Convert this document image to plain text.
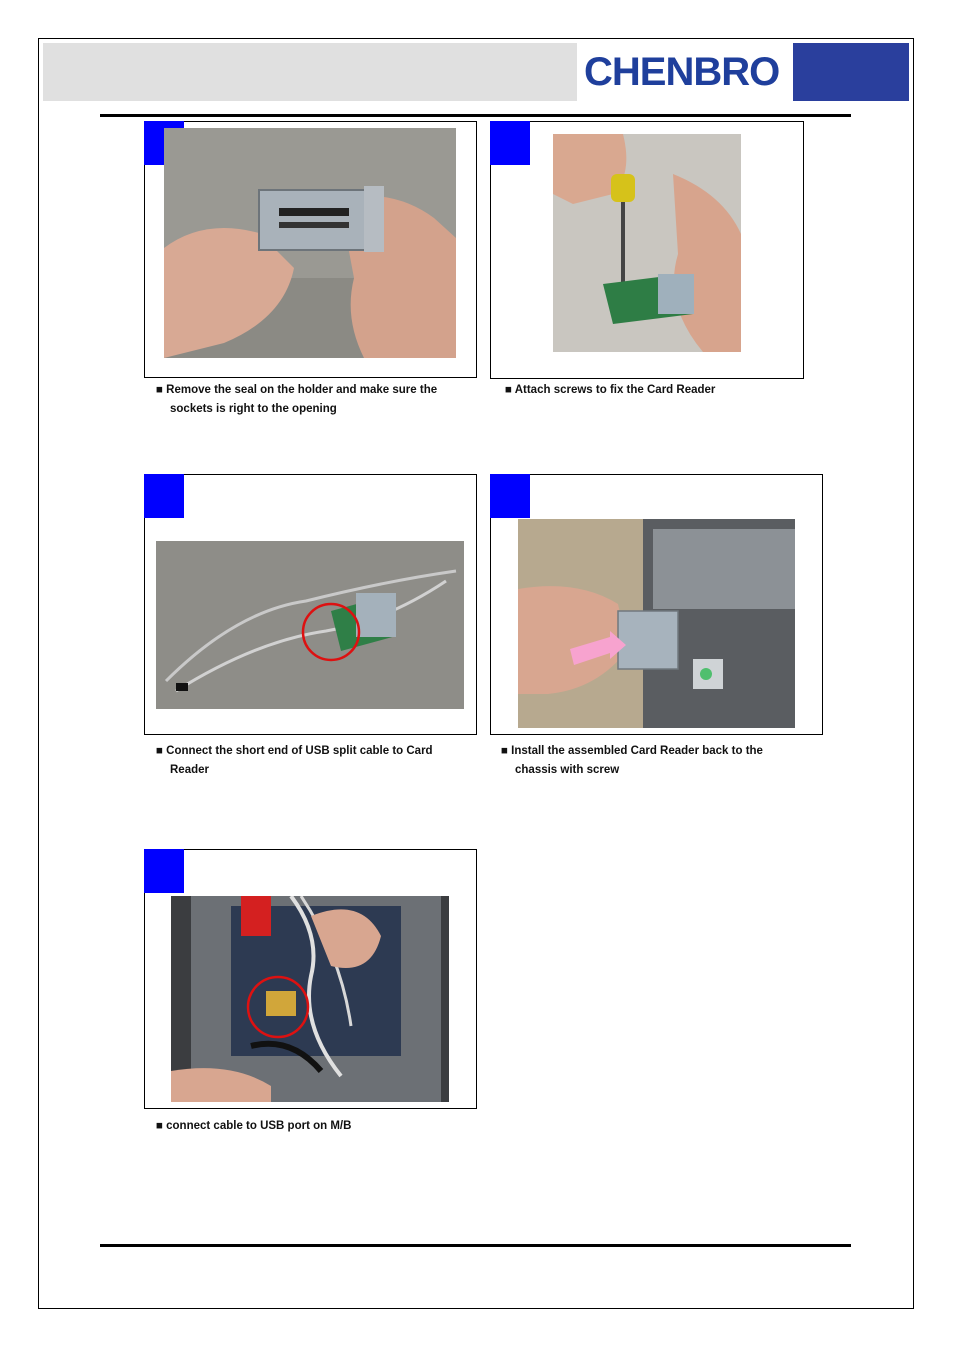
CHENBRO
■ Remove the seal on the holder and make sure the
sockets is right to the opening
■ Attach screws to fix the Card Reader
■ Connect the short end of USB split cable to Card
Reader
■ Install the assembled Card Reader back to the
chassis with screw
■ connect cable to USB port on M/B
